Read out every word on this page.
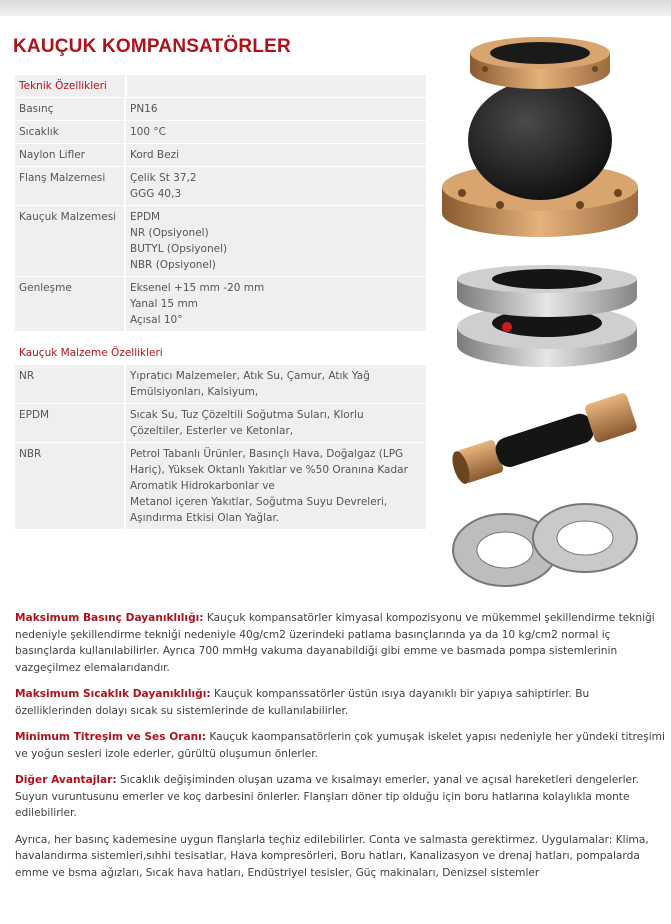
KAUÇUK KOMPANSATÖRLER
Teknik Özellikleri
Basınç	PN16
Sıcaklık	100 °C
Naylon Lifler	Kord Bezi
Flanş Malzemesi	Çelik St 37,2
GGG 40,3
Kauçuk Malzemesi	EPDM
NR (Opsiyonel)
BUTYL (Opsiyonel)
NBR (Opsiyonel)
Genleşme	Eksenel +15 mm -20 mm
Yanal 15 mm
Açısal 10°
Kauçuk Malzeme Özellikleri
NR	Yıpratıcı Malzemeler, Atık Su, Çamur, Atık Yağ
Emülsiyonları, Kalsiyum,
EPDM	Sıcak Su, Tuz Çözeltili Soğutma Suları, Klorlu
Çözeltiler, Esterler ve Ketonlar,
NBR	Petrol Tabanlı Ürünler, Basınçlı Hava, Doğalgaz (LPG
Hariç), Yüksek Oktanlı Yakıtlar ve %50 Oranına Kadar
Aromatik Hidrokarbonlar ve
Metanol içeren Yakıtlar, Soğutma Suyu Devreleri,
Aşındırma Etkisi Olan Yağlar.

Maksimum Basınç Dayanıklılığı: Kauçuk kompansatörler kimyasal kompozisyonu ve mükemmel şekillendirme tekniği nedeniyle şekillendirme tekniği nedeniyle 40g/cm2 üzerindeki patlama basınçlarında ya da 10 kg/cm2 normal iç basınçlarda kullanılabilirler. Ayrıca 700 mmHg vakuma dayanabildiği gibi emme ve basmada pompa sistemlerinin vazgeçilmez elemalarıdandır.

Maksimum Sıcaklık Dayanıklılığı: Kauçuk kompanssatörler üstün ısıya dayanıklı bir yapıya sahiptirler. Bu özelliklerinden dolayı sıcak su sistemlerinde de kullanılabilirler.

Minimum Titreşim ve Ses Oranı: Kauçuk kaompansatörlerin çok yumuşak iskelet yapısı nedeniyle her yündeki titreşimi ve yoğun sesleri izole ederler, gürültü oluşumun önlerler.

Diğer Avantajlar: Sıcaklık değişiminden oluşan uzama ve kısalmayı emerler, yanal ve açısal hareketleri dengelerler. Suyun vuruntusunu emerler ve koç darbesini önlerler. Flanşları döner tip olduğu için boru hatlarına kolaylıkla monte edilebilirler.

Ayrıca, her basınç kademesine uygun flanşlarla teçhiz edilebilirler. Conta ve salmasta gerektirmez. Uygulamalar: Klima, havalandırma sistemleri,sıhhi tesisatlar, Hava kompresörleri, Boru hatları, Kanalizasyon ve drenaj hatları, pompalarda emme ve bsma ağızları, Sıcak hava hatları, Endüstriyel tesisler, Güç makinaları, Denizsel sistemler
